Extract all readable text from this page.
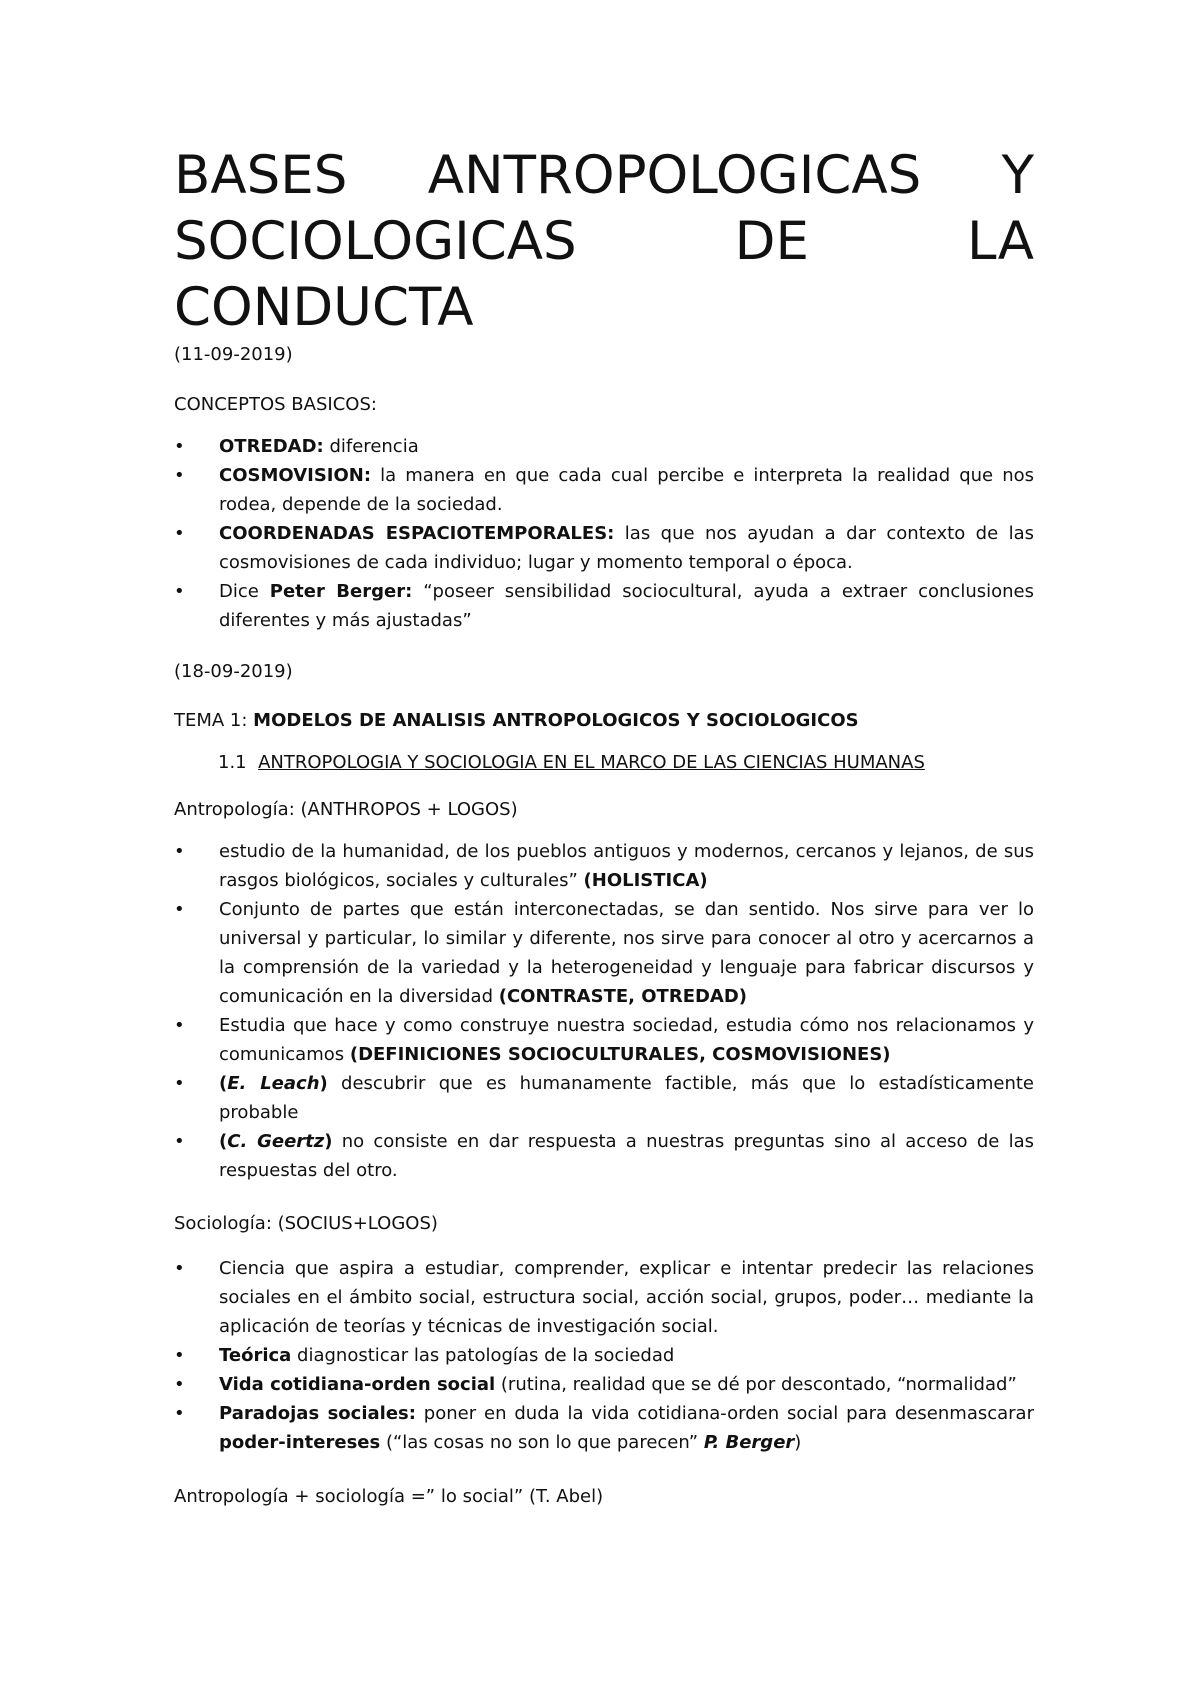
BASES ANTROPOLOGICAS Y
SOCIOLOGICAS DE LA
CONDUCTA
(11-09-2019)
CONCEPTOS BASICOS:
• OTREDAD: diferencia
• COSMOVISION: la manera en que cada cual percibe e interpreta la realidad que nos rodea, depende de la sociedad.
• COORDENADAS ESPACIOTEMPORALES: las que nos ayudan a dar contexto de las cosmovisiones de cada individuo; lugar y momento temporal o época.
• Dice Peter Berger: “poseer sensibilidad sociocultural, ayuda a extraer conclusiones diferentes y más ajustadas”
(18-09-2019)
TEMA 1: MODELOS DE ANALISIS ANTROPOLOGICOS Y SOCIOLOGICOS
1.1 ANTROPOLOGIA Y SOCIOLOGIA EN EL MARCO DE LAS CIENCIAS HUMANAS
Antropología: (ANTHROPOS + LOGOS)
• estudio de la humanidad, de los pueblos antiguos y modernos, cercanos y lejanos, de sus rasgos biológicos, sociales y culturales” (HOLISTICA)
• Conjunto de partes que están interconectadas, se dan sentido. Nos sirve para ver lo universal y particular, lo similar y diferente, nos sirve para conocer al otro y acercarnos a la comprensión de la variedad y la heterogeneidad y lenguaje para fabricar discursos y comunicación en la diversidad (CONTRASTE, OTREDAD)
• Estudia que hace y como construye nuestra sociedad, estudia cómo nos relacionamos y comunicamos (DEFINICIONES SOCIOCULTURALES, COSMOVISIONES)
• (E. Leach) descubrir que es humanamente factible, más que lo estadísticamente probable
• (C. Geertz) no consiste en dar respuesta a nuestras preguntas sino al acceso de las respuestas del otro.
Sociología: (SOCIUS+LOGOS)
• Ciencia que aspira a estudiar, comprender, explicar e intentar predecir las relaciones sociales en el ámbito social, estructura social, acción social, grupos, poder… mediante la aplicación de teorías y técnicas de investigación social.
• Teórica diagnosticar las patologías de la sociedad
• Vida cotidiana-orden social (rutina, realidad que se dé por descontado, “normalidad”
• Paradojas sociales: poner en duda la vida cotidiana-orden social para desenmascarar poder-intereses (“las cosas no son lo que parecen” P. Berger)
Antropología + sociología =” lo social” (T. Abel)
